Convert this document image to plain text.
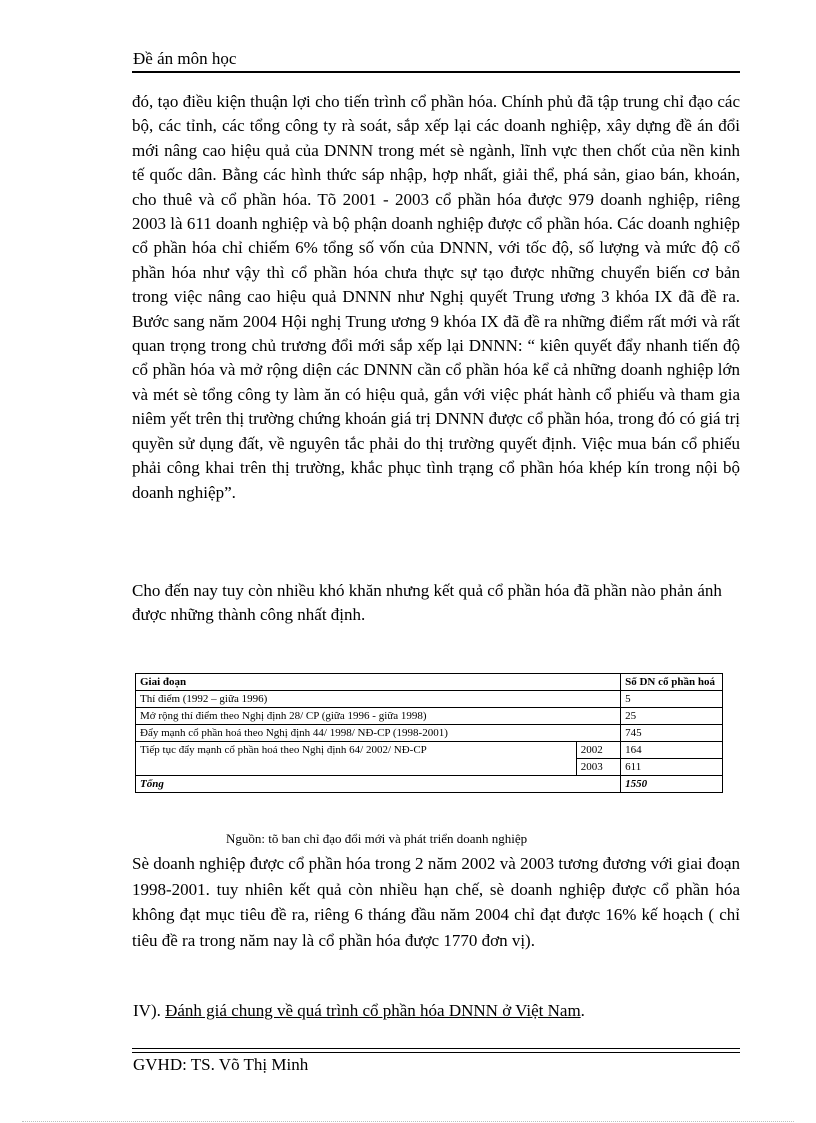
Đề án môn học

đó, tạo điều kiện thuận lợi cho tiến trình cổ phần hóa. Chính phủ đã tập trung chỉ đạo các bộ, các tỉnh, các tổng công ty rà soát, sắp xếp lại các doanh nghiệp, xây dựng đề án đổi mới nâng cao hiệu quả của DNNN trong mét sè ngành, lĩnh vực then chốt của nền kinh tế quốc dân. Bằng các hình thức sáp nhập, hợp nhất, giải thể, phá sản, giao bán, khoán, cho thuê và cổ phần hóa. Tõ 2001 - 2003 cổ phần hóa được 979 doanh nghiệp, riêng 2003 là 611 doanh nghiệp và bộ phận doanh nghiệp được cổ phần hóa. Các doanh nghiệp cổ phần hóa chỉ chiếm 6% tổng số vốn của DNNN, với tốc độ, số lượng và mức độ cổ phần hóa như vậy thì cổ phần hóa chưa thực sự tạo được những chuyển biến cơ bản trong việc nâng cao hiệu quả DNNN như Nghị quyết Trung ương 3 khóa IX đã đề ra. Bước sang năm 2004 Hội nghị Trung ương 9 khóa IX đã đề ra những điểm rất mới và rất quan trọng trong chủ trương đổi mới sắp xếp lại DNNN: “ kiên quyết đẩy nhanh tiến độ cổ phần hóa và mở rộng diện các DNNN cần cổ phần hóa kể cả những doanh nghiệp lớn và mét sè tổng công ty làm ăn có hiệu quả, gắn với việc phát hành cổ phiếu và tham gia niêm yết trên thị trường chứng khoán giá trị DNNN được cổ phần hóa, trong đó có giá trị quyền sử dụng đất, về nguyên tắc phải do thị trường quyết định. Việc mua bán cổ phiếu phải công khai trên thị trường, khắc phục tình trạng cổ phần hóa khép kín trong nội bộ doanh nghiệp”.

Cho đến nay tuy còn nhiều khó khăn nhưng kết quả cổ phần hóa đã phần nào phản ánh được những thành công nhất định.

Giai đoạn		Số DN cổ phần hoá
Thí điểm (1992 – giữa 1996)		5
Mở rộng thí điểm theo Nghị định 28/ CP (giữa 1996 - giữa 1998)		25
Đẩy mạnh cổ phần hoá theo Nghị định 44/ 1998/ NĐ-CP (1998-2001)		745
Tiếp tục đẩy mạnh cổ phần hoá theo Nghị định 64/ 2002/ NĐ-CP	2002	164
	2003	611
Tổng		1550
Nguồn: tõ ban chỉ đạo đổi mới và phát triển doanh nghiệp

Sè doanh nghiệp được cổ phần hóa trong 2 năm 2002 và 2003 tương đương với giai đoạn 1998-2001. tuy nhiên kết quả còn nhiều hạn chế, sè doanh nghiệp được cổ phần hóa không đạt mục tiêu đề ra, riêng 6 tháng đầu năm 2004 chỉ đạt được 16% kế hoạch ( chỉ tiêu đề ra trong năm nay là cổ phần hóa được 1770 đơn vị).

IV). Đánh giá chung về quá trình cổ phần hóa DNNN ở Việt Nam.
GVHD: TS. Võ Thị Minh
